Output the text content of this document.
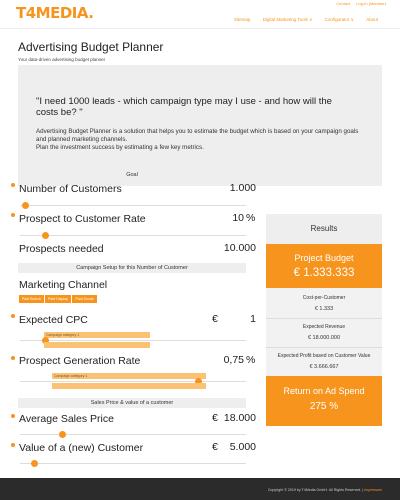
T4MEDIA.
Contact Log-In (Member)
Sitemap	Digital Marketing Tools ∨	Configurator ∨	About
Advertising Budget Planner
Your data-driven advertising budget planner
"I need 1000 leads - which campaign type may I use - and how will the costs be? "
Advertising Budget Planner is a solution that helps you to estimate the budget which is based on your campaign goals and planned marketing channels.
Plan the investment success by estimating a few key metrics.
Goal
Number of Customers	1.000
Prospect to Customer Rate	10 %
Prospects needed	10.000
Campaign Setup for this Number of Customer
Marketing Channel
Paid Search	Paid Display	Paid Social
Expected CPC	€	1
Campaign category 1
Prospect Generation Rate	0,75 %
Campaign category 1
Sales Price & value of a customer
Average Sales Price	€ 18.000
Value of a (new) Customer	€	5.000
Results
Project Budget
€ 1.333.333
Cost-per-Customer
€ 1.333
Expected Revenue
€ 18.000.000
Expected Profit based on Customer Value
€ 3.666.667
Return on Ad Spend
275 %
Copyright © 2019 by T4Media GmbH. All Rights Reserved. | Impressum
